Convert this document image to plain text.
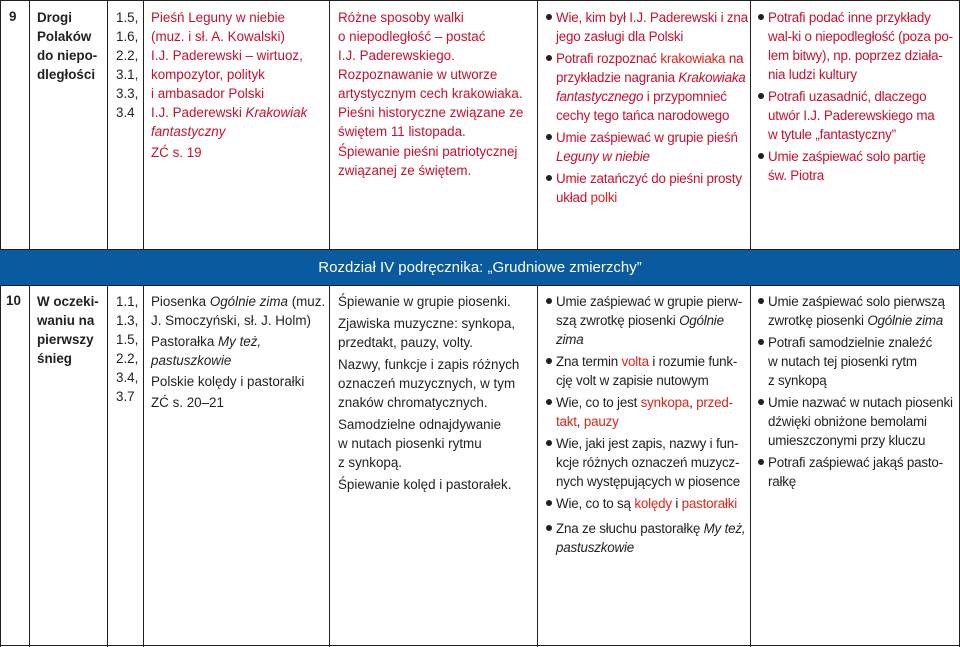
Rozdział IV podręcznika: „Grudniowe zmierzchy”
9 Drogi
Polaków
do niepo-
dległości
1.5,
1.6,
2.2,
3.1,
3.3,
3.4
Pieśń Leguny w niebie
(muz. i sł. A. Kowalski)
I.J. Paderewski – wirtuoz,
kompozytor, polityk
i ambasador Polski
I.J. Paderewski Krakowiak
fantastyczny
ZĆ s. 19
Różne sposoby walki
o niepodległość – postać
I.J. Paderewskiego.
Rozpoznawanie w utworze
artystycznym cech krakowiaka.
Pieśni historyczne związane ze
świętem 11 listopada.
Śpiewanie pieśni patriotycznej
związanej ze świętem.
Wie, kim był I.J. Paderewski i zna
jego zasługi dla Polski
Potrafi rozpoznać krakowiaka na
przykładzie nagrania Krakowiaka
fantastycznego i przypomnieć
cechy tego tańca narodowego
Umie zaśpiewać w grupie pieśń
Leguny w niebie
Umie zatańczyć do pieśni prosty
układ polki
Potrafi podać inne przykłady
wal-ki o niepodległość (poza po-
lem bitwy), np. poprzez działa-
nia ludzi kultury
Potrafi uzasadnić, dlaczego
utwór I.J. Paderewskiego ma
w tytule „fantastyczny”
Umie zaśpiewać solo partię
św. Piotra
10 W oczeki-
waniu na
pierwszy
śnieg
1.1,
1.3,
1.5,
2.2,
3.4,
3.7
Piosenka Ogólnie zima (muz.
J. Smoczyński, sł. J. Holm)
Pastorałka My też,
pastuszkowie
Polskie kolędy i pastorałki
ZĆ s. 20–21
Śpiewanie w grupie piosenki.
Zjawiska muzyczne: synkopa,
przedtakt, pauzy, volty.
Nazwy, funkcje i zapis różnych
oznaczeń muzycznych, w tym
znaków chromatycznych.
Samodzielne odnajdywanie
w nutach piosenki rytmu
z synkopą.
Śpiewanie kolęd i pastorałek.
Umie zaśpiewać w grupie pierw-
szą zwrotkę piosenki Ogólnie
zima
Zna termin volta i rozumie funk-
cję volt w zapisie nutowym
Wie, co to jest synkopa, przed-
takt, pauzy
Wie, jaki jest zapis, nazwy i fun-
kcje różnych oznaczeń muzycz-
nych występujących w piosence
Wie, co to są kolędy i pastorałki
Zna ze słuchu pastorałkę My też,
pastuszkowie
Umie zaśpiewać solo pierwszą
zwrotkę piosenki Ogólnie zima
Potrafi samodzielnie znaleźć
w nutach tej piosenki rytm
z synkopą
Umie nazwać w nutach piosenki
dźwięki obniżone bemolami
umieszczonymi przy kluczu
Potrafi zaśpiewać jakąś pasto-
rałkę
